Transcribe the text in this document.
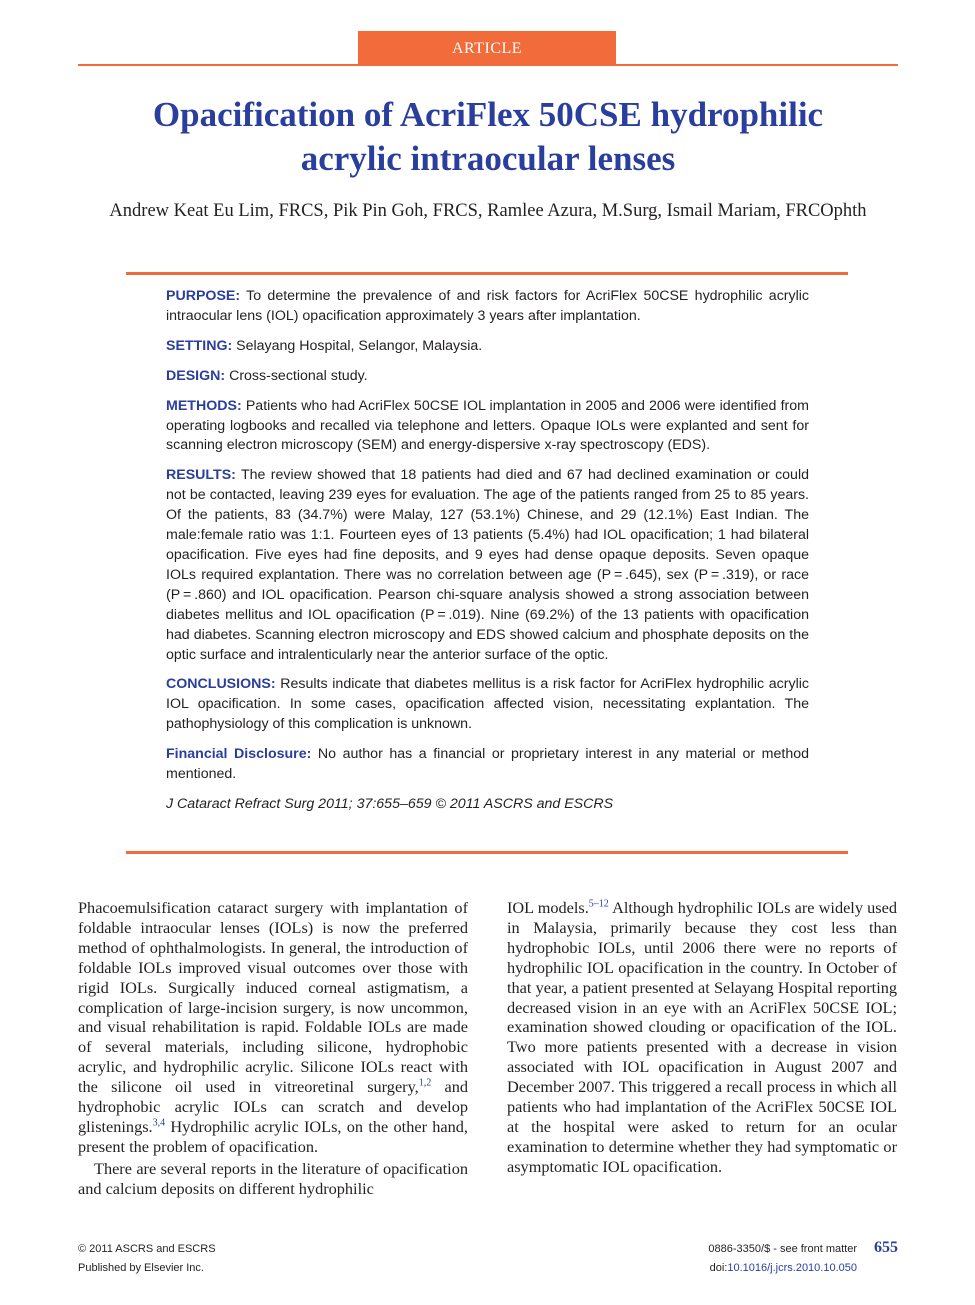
ARTICLE
Opacification of AcriFlex 50CSE hydrophilic
acrylic intraocular lenses

Andrew Keat Eu Lim, FRCS, Pik Pin Goh, FRCS, Ramlee Azura, M.Surg, Ismail Mariam, FRCOphth

PURPOSE: To determine the prevalence of and risk factors for AcriFlex 50CSE hydrophilic acrylic intraocular lens (IOL) opacification approximately 3 years after implantation.

SETTING: Selayang Hospital, Selangor, Malaysia.

DESIGN: Cross-sectional study.

METHODS: Patients who had AcriFlex 50CSE IOL implantation in 2005 and 2006 were identified from operating logbooks and recalled via telephone and letters. Opaque IOLs were explanted and sent for scanning electron microscopy (SEM) and energy-dispersive x-ray spectroscopy (EDS).

RESULTS: The review showed that 18 patients had died and 67 had declined examination or could not be contacted, leaving 239 eyes for evaluation. The age of the patients ranged from 25 to 85 years. Of the patients, 83 (34.7%) were Malay, 127 (53.1%) Chinese, and 29 (12.1%) East Indian. The male:female ratio was 1:1. Fourteen eyes of 13 patients (5.4%) had IOL opacification; 1 had bilateral opacification. Five eyes had fine deposits, and 9 eyes had dense opaque deposits. Seven opaque IOLs required explantation. There was no correlation between age (P = .645), sex (P = .319), or race (P = .860) and IOL opacification. Pearson chi-square analysis showed a strong association between diabetes mellitus and IOL opacification (P = .019). Nine (69.2%) of the 13 patients with opacification had diabetes. Scanning electron microscopy and EDS showed calcium and phosphate deposits on the optic surface and intralenticularly near the anterior surface of the optic.

CONCLUSIONS: Results indicate that diabetes mellitus is a risk factor for AcriFlex hydrophilic acrylic IOL opacification. In some cases, opacification affected vision, necessitating explantation. The pathophysiology of this complication is unknown.

Financial Disclosure: No author has a financial or proprietary interest in any material or method mentioned.

J Cataract Refract Surg 2011; 37:655–659 © 2011 ASCRS and ESCRS

Phacoemulsification cataract surgery with implantation of foldable intraocular lenses (IOLs) is now the preferred method of ophthalmologists. In general, the introduction of foldable IOLs improved visual outcomes over those with rigid IOLs. Surgically induced corneal astigmatism, a complication of large-incision surgery, is now uncommon, and visual rehabilitation is rapid. Foldable IOLs are made of several materials, including silicone, hydrophobic acrylic, and hydrophilic acrylic. Silicone IOLs react with the silicone oil used in vitreoretinal surgery,$^{1,2}$ and hydrophobic acrylic IOLs can scratch and develop glistenings.$^{3,4}$ Hydrophilic acrylic IOLs, on the other hand, present the problem of opacification.

There are several reports in the literature of opacification and calcium deposits on different hydrophilic

IOL models.$^{5-12}$ Although hydrophilic IOLs are widely used in Malaysia, primarily because they cost less than hydrophobic IOLs, until 2006 there were no reports of hydrophilic IOL opacification in the country. In October of that year, a patient presented at Selayang Hospital reporting decreased vision in an eye with an AcriFlex 50CSE IOL; examination showed clouding or opacification of the IOL. Two more patients presented with a decrease in vision associated with IOL opacification in August 2007 and December 2007. This triggered a recall process in which all patients who had implantation of the AcriFlex 50CSE IOL at the hospital were asked to return for an ocular examination to determine whether they had symptomatic or asymptomatic IOL opacification.

© 2011 ASCRS and ESCRS
Published by Elsevier Inc.
0886-3350/$ - see front matter
doi:10.1016/j.jcrs.2010.10.050
655
